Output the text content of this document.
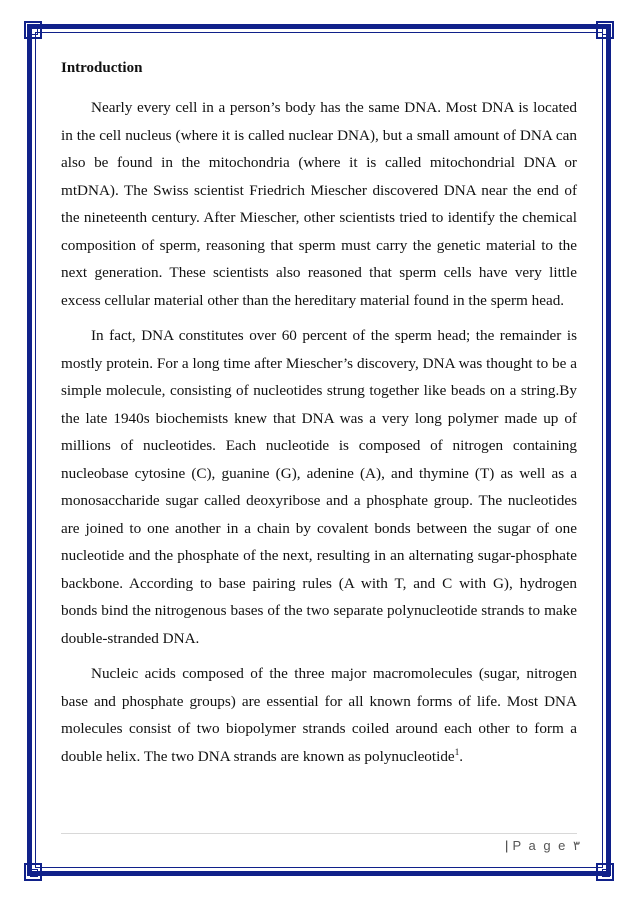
Introduction

Nearly every cell in a person’s body has the same DNA. Most DNA is located in the cell nucleus (where it is called nuclear DNA), but a small amount of DNA can also be found in the mitochondria (where it is called mitochondrial DNA or mtDNA). The Swiss scientist Friedrich Miescher discovered DNA near the end of the nineteenth century. After Miescher, other scientists tried to identify the chemical composition of sperm, reasoning that sperm must carry the genetic material to the next generation. These scientists also reasoned that sperm cells have very little excess cellular material other than the hereditary material found in the sperm head.

In fact, DNA constitutes over 60 percent of the sperm head; the remainder is mostly protein. For a long time after Miescher’s discovery, DNA was thought to be a simple molecule, consisting of nucleotides strung together like beads on a string.By the late 1940s biochemists knew that DNA was a very long polymer made up of millions of nucleotides. Each nucleotide is composed of nitrogen containing nucleobase cytosine (C), guanine (G), adenine (A), and thymine (T) as well as a monosaccharide sugar called deoxyribose and a phosphate group. The nucleotides are joined to one another in a chain by covalent bonds between the sugar of one nucleotide and the phosphate of the next, resulting in an alternating sugar-phosphate backbone. According to base pairing rules (A with T, and C with G), hydrogen bonds bind the nitrogenous bases of the two separate polynucleotide strands to make double-stranded DNA.

Nucleic acids composed of the three major macromolecules (sugar, nitrogen base and phosphate groups) are essential for all known forms of life. Most DNA molecules consist of two biopolymer strands coiled around each other to form a double helix. The two DNA strands are known as polynucleotide$^1$.

| P a g e ٣
